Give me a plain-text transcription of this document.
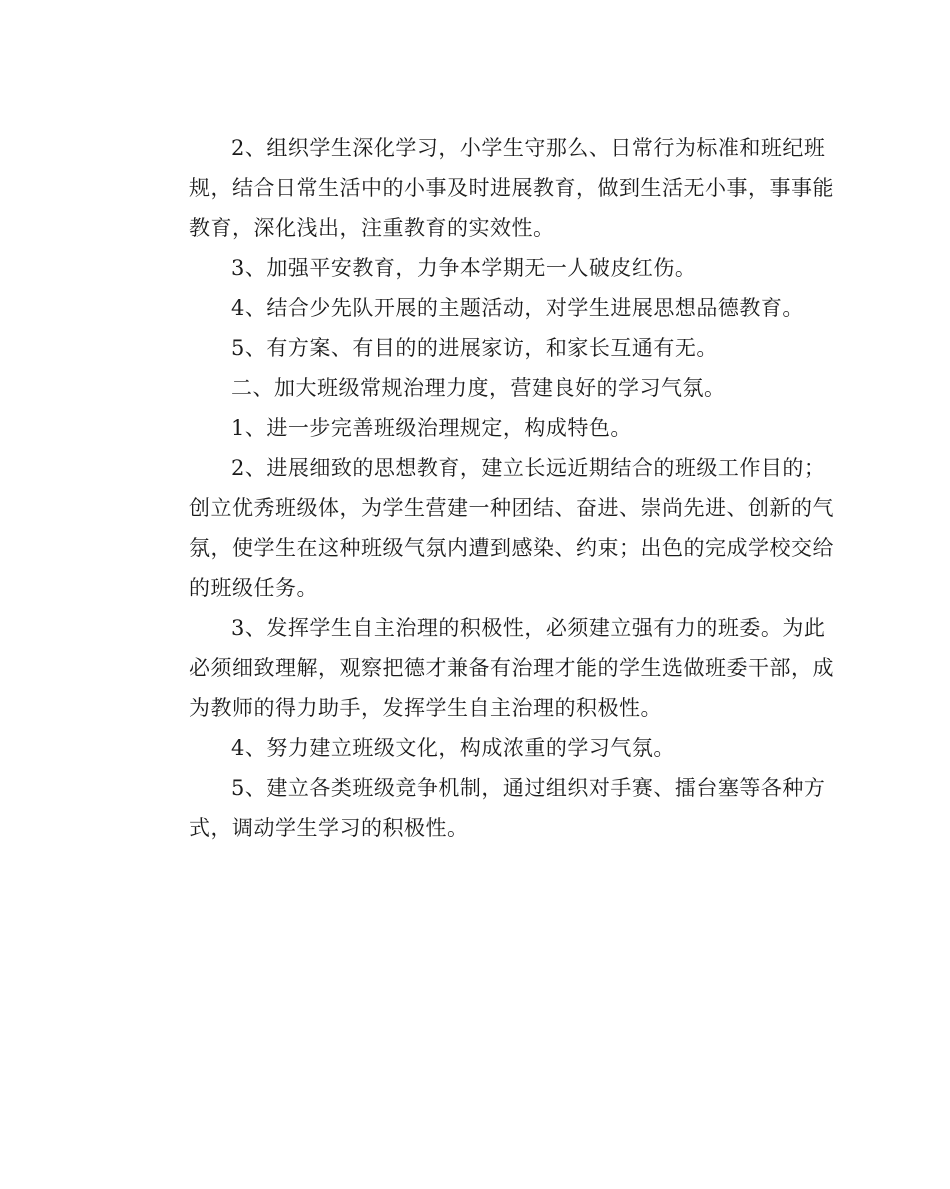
2、组织学生深化学习，小学生守那么、日常行为标准和班纪班
规，结合日常生活中的小事及时进展教育，做到生活无小事，事事能
教育，深化浅出，注重教育的实效性。
3、加强平安教育，力争本学期无一人破皮红伤。
4、结合少先队开展的主题活动，对学生进展思想品德教育。
5、有方案、有目的的进展家访，和家长互通有无。
二、加大班级常规治理力度，营建良好的学习气氛。
1、进一步完善班级治理规定，构成特色。
2、进展细致的思想教育，建立长远近期结合的班级工作目的；
创立优秀班级体，为学生营建一种团结、奋进、崇尚先进、创新的气
氛，使学生在这种班级气氛内遭到感染、约束；出色的完成学校交给
的班级任务。
3、发挥学生自主治理的积极性，必须建立强有力的班委。为此
必须细致理解，观察把德才兼备有治理才能的学生选做班委干部，成
为教师的得力助手，发挥学生自主治理的积极性。
4、努力建立班级文化，构成浓重的学习气氛。
5、建立各类班级竞争机制，通过组织对手赛、擂台塞等各种方
式，调动学生学习的积极性。
